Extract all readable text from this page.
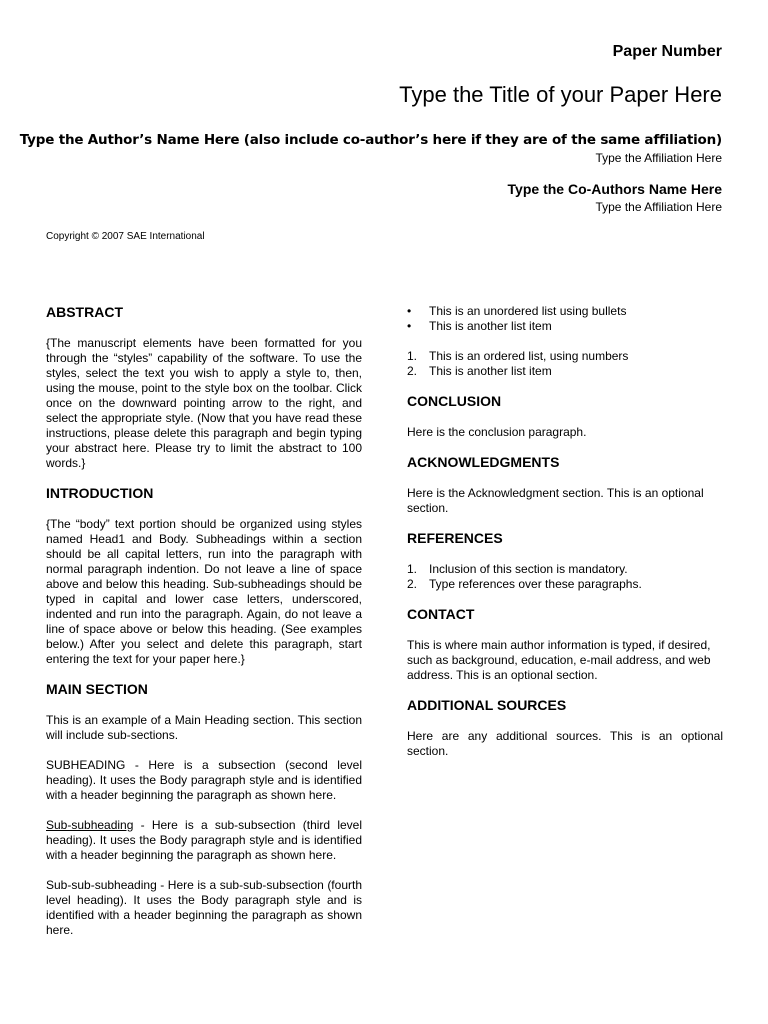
Paper Number
Type the Title of your Paper Here
Type the Author’s Name Here (also include co-author’s here if they are of the same affiliation)
Type the Affiliation Here
Type the Co-Authors Name Here
Type the Affiliation Here
Copyright © 2007 SAE International
ABSTRACT

{The manuscript elements have been formatted for you through the “styles” capability of the software. To use the styles, select the text you wish to apply a style to, then, using the mouse, point to the style box on the toolbar. Click once on the downward pointing arrow to the right, and select the appropriate style. (Now that you have read these instructions, please delete this paragraph and begin typing your abstract here. Please try to limit the abstract to 100 words.}

INTRODUCTION

{The “body” text portion should be organized using styles named Head1 and Body. Subheadings within a section should be all capital letters, run into the paragraph with normal paragraph indention. Do not leave a line of space above and below this heading. Sub-subheadings should be typed in capital and lower case letters, underscored, indented and run into the paragraph. Again, do not leave a line of space above or below this heading. (See examples below.) After you select and delete this paragraph, start entering the text for your paper here.}

MAIN SECTION

This is an example of a Main Heading section. This section will include sub-sections.

SUBHEADING - Here is a subsection (second level heading). It uses the Body paragraph style and is identified with a header beginning the paragraph as shown here.

Sub-subheading - Here is a sub-subsection (third level heading). It uses the Body paragraph style and is identified with a header beginning the paragraph as shown here.

Sub-sub-subheading - Here is a sub-sub-subsection (fourth level heading). It uses the Body paragraph style and is identified with a header beginning the paragraph as shown here.

•	This is an unordered list using bullets
•	This is another list item
1. This is an ordered list, using numbers
2. This is another list item
CONCLUSION

Here is the conclusion paragraph.

ACKNOWLEDGMENTS

Here is the Acknowledgment section. This is an optional section.

REFERENCES
1. Inclusion of this section is mandatory.
2. Type references over these paragraphs.
CONTACT

This is where main author information is typed, if desired, such as background, education, e-mail address, and web address. This is an optional section.

ADDITIONAL SOURCES

Here are any additional sources. This is an optional section.
